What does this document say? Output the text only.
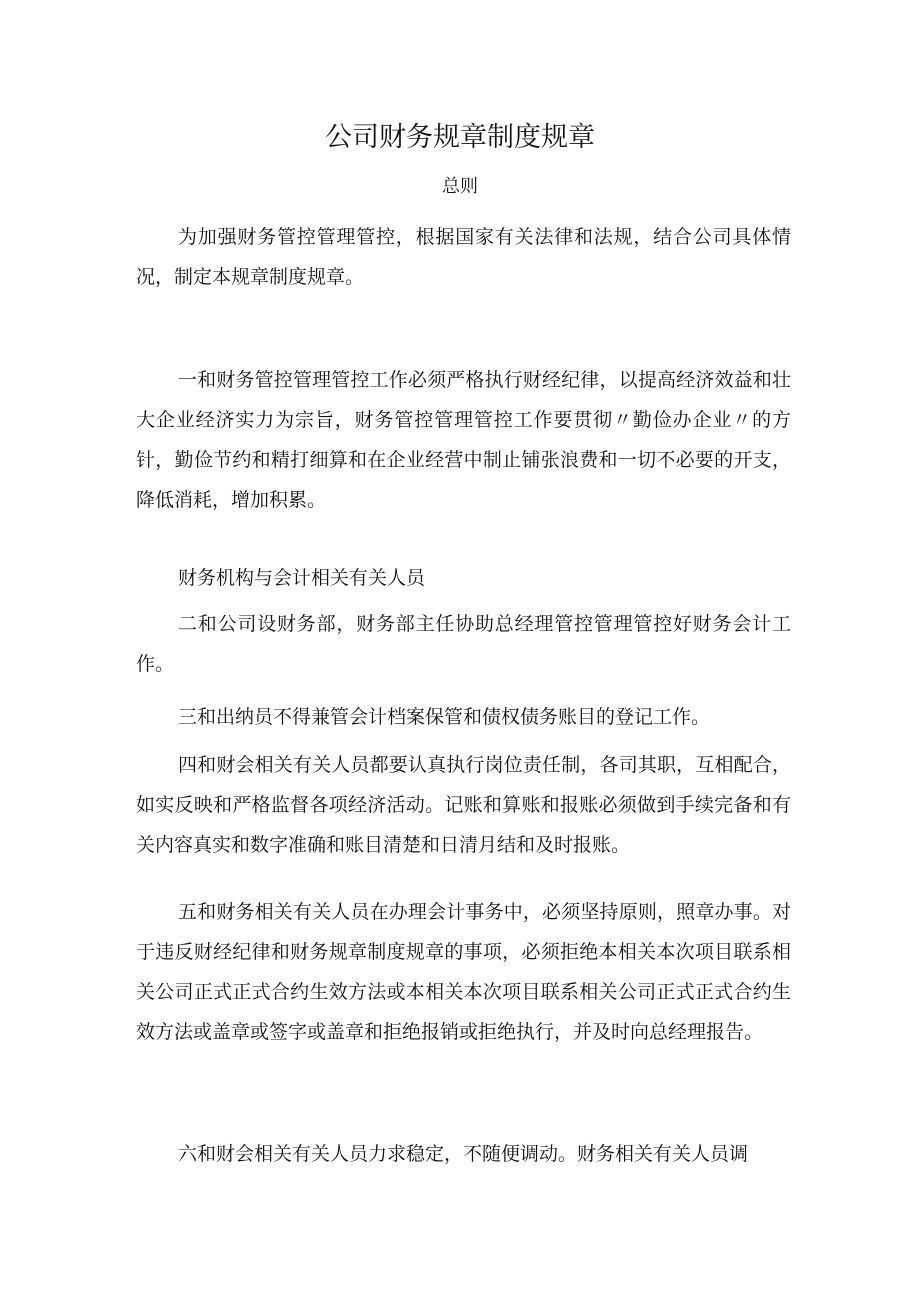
公司财务规章制度规章
总则

为加强财务管控管理管控，根据国家有关法律和法规，结合公司具体情况，制定本规章制度规章。

一和财务管控管理管控工作必须严格执行财经纪律，以提高经济效益和壮大企业经济实力为宗旨，财务管控管理管控工作要贯彻〃勤俭办企业〃的方针，勤俭节约和精打细算和在企业经营中制止铺张浪费和一切不必要的开支，降低消耗，增加积累。

财务机构与会计相关有关人员

二和公司设财务部，财务部主任协助总经理管控管理管控好财务会计工作。

三和出纳员不得兼管会计档案保管和债权债务账目的登记工作。

四和财会相关有关人员都要认真执行岗位责任制，各司其职，互相配合，如实反映和严格监督各项经济活动。记账和算账和报账必须做到手续完备和有关内容真实和数字准确和账目清楚和日清月结和及时报账。

五和财务相关有关人员在办理会计事务中，必须坚持原则，照章办事。对于违反财经纪律和财务规章制度规章的事项，必须拒绝本相关本次项目联系相关公司正式正式合约生效方法或本相关本次项目联系相关公司正式正式合约生效方法或盖章或签字或盖章和拒绝报销或拒绝执行，并及时向总经理报告。

六和财会相关有关人员力求稳定，不随便调动。财务相关有关人员调
